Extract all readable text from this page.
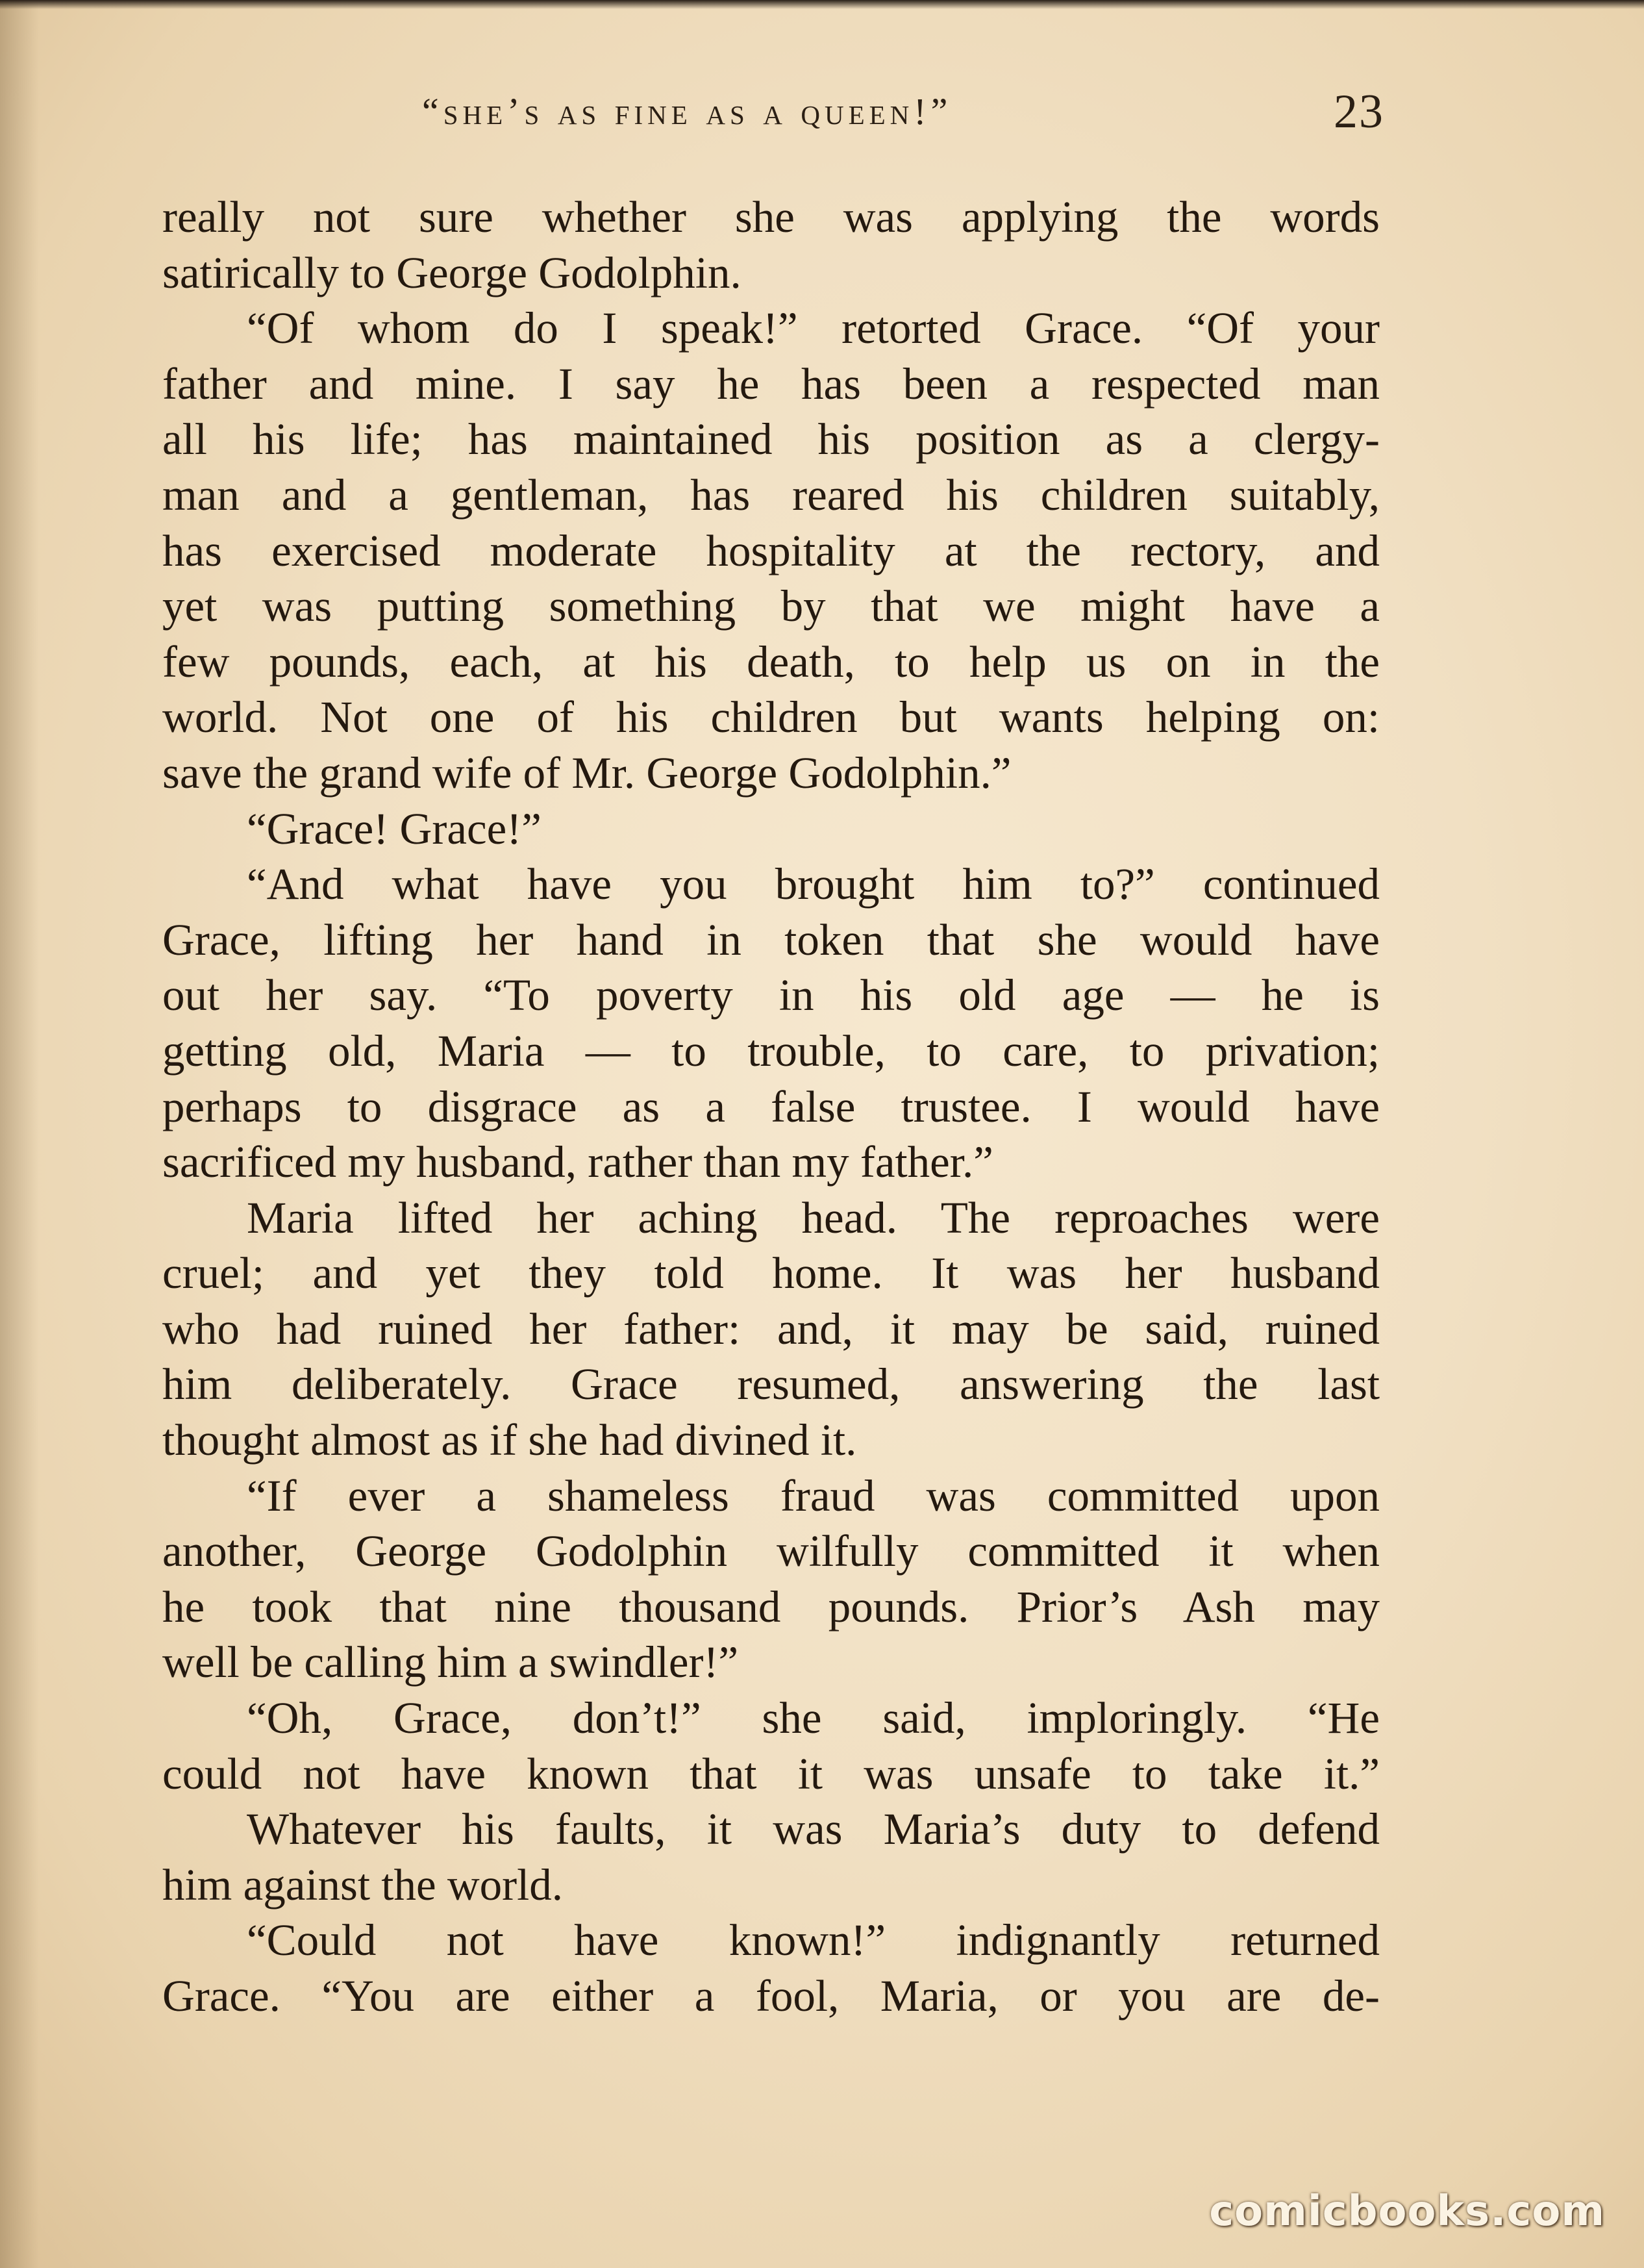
“she’s as fine as a queen!”	23
really not sure whether she was applying the words
satirically to George Godolphin.
“Of whom do I speak!” retorted Grace. “Of your
father and mine. I say he has been a respected man
all his life; has maintained his position as a clergy-
man and a gentleman, has reared his children suitably,
has exercised moderate hospitality at the rectory, and
yet was putting something by that we might have a
few pounds, each, at his death, to help us on in the
world. Not one of his children but wants helping on:
save the grand wife of Mr. George Godolphin.”
“Grace! Grace!”
“And what have you brought him to?” continued
Grace, lifting her hand in token that she would have
out her say. “To poverty in his old age — he is
getting old, Maria — to trouble, to care, to privation;
perhaps to disgrace as a false trustee. I would have
sacrificed my husband, rather than my father.”
Maria lifted her aching head. The reproaches were
cruel; and yet they told home. It was her husband
who had ruined her father: and, it may be said, ruined
him deliberately. Grace resumed, answering the last
thought almost as if she had divined it.
“If ever a shameless fraud was committed upon
another, George Godolphin wilfully committed it when
he took that nine thousand pounds. Prior’s Ash may
well be calling him a swindler!”
“Oh, Grace, don’t!” she said, imploringly. “He
could not have known that it was unsafe to take it.”
Whatever his faults, it was Maria’s duty to defend
him against the world.
“Could not have known!” indignantly returned
Grace. “You are either a fool, Maria, or you are de-
comicbooks.com
